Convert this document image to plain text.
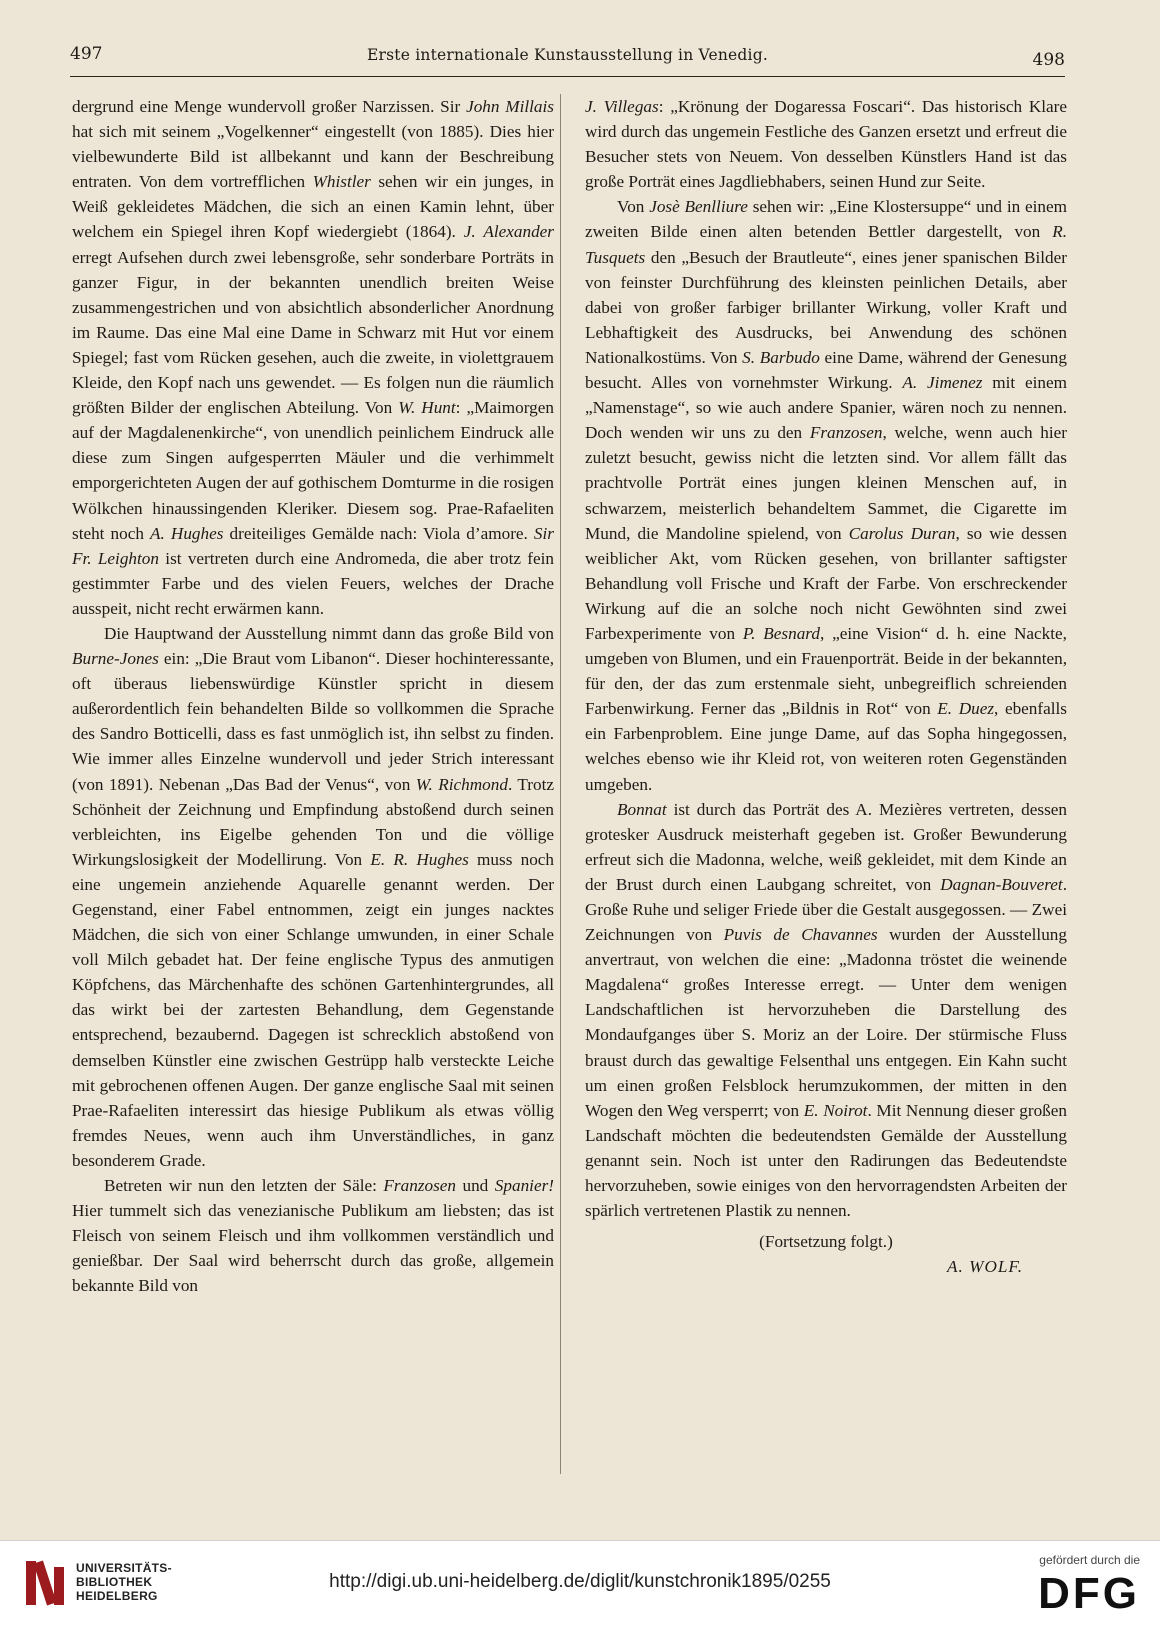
497	Erste internationale Kunstausstellung in Venedig.	498

dergrund eine Menge wundervoll großer Narzissen. Sir John Millais hat sich mit seinem „Vogelkenner“ eingestellt (von 1885). Dies hier vielbewunderte Bild ist allbekannt und kann der Beschreibung entraten. Von dem vortrefflichen Whistler sehen wir ein junges, in Weiß gekleidetes Mädchen, die sich an einen Kamin lehnt, über welchem ein Spiegel ihren Kopf wiedergiebt (1864). J. Alexander erregt Aufsehen durch zwei lebensgroße, sehr sonderbare Porträts in ganzer Figur, in der bekannten unendlich breiten Weise zusammengestrichen und von absichtlich absonderlicher Anordnung im Raume. Das eine Mal eine Dame in Schwarz mit Hut vor einem Spiegel; fast vom Rücken gesehen, auch die zweite, in violettgrauem Kleide, den Kopf nach uns gewendet. — Es folgen nun die räumlich größten Bilder der englischen Abteilung. Von W. Hunt: „Maimorgen auf der Magdalenenkirche“, von unendlich peinlichem Eindruck alle diese zum Singen aufgesperrten Mäuler und die verhimmelt emporgerichteten Augen der auf gothischem Domturme in die rosigen Wölkchen hinaussingenden Kleriker. Diesem sog. Prae-Rafaeliten steht noch A. Hughes dreiteiliges Gemälde nach: Viola d’amore. Sir Fr. Leighton ist vertreten durch eine Andromeda, die aber trotz fein gestimmter Farbe und des vielen Feuers, welches der Drache ausspeit, nicht recht erwärmen kann.

Die Hauptwand der Ausstellung nimmt dann das große Bild von Burne-Jones ein: „Die Braut vom Libanon“. Dieser hochinteressante, oft überaus liebenswürdige Künstler spricht in diesem außerordentlich fein behandelten Bilde so vollkommen die Sprache des Sandro Botticelli, dass es fast unmöglich ist, ihn selbst zu finden. Wie immer alles Einzelne wundervoll und jeder Strich interessant (von 1891). Nebenan „Das Bad der Venus“, von W. Richmond. Trotz Schönheit der Zeichnung und Empfindung abstoßend durch seinen verbleichten, ins Eigelbe gehenden Ton und die völlige Wirkungslosigkeit der Modellirung. Von E. R. Hughes muss noch eine ungemein anziehende Aquarelle genannt werden. Der Gegenstand, einer Fabel entnommen, zeigt ein junges nacktes Mädchen, die sich von einer Schlange umwunden, in einer Schale voll Milch gebadet hat. Der feine englische Typus des anmutigen Köpfchens, das Märchenhafte des schönen Gartenhintergrundes, all das wirkt bei der zartesten Behandlung, dem Gegenstande entsprechend, bezaubernd. Dagegen ist schrecklich abstoßend von demselben Künstler eine zwischen Gestrüpp halb versteckte Leiche mit gebrochenen offenen Augen. Der ganze englische Saal mit seinen Prae-Rafaeliten interessirt das hiesige Publikum als etwas völlig fremdes Neues, wenn auch ihm Unverständliches, in ganz besonderem Grade.

Betreten wir nun den letzten der Säle: Franzosen und Spanier! Hier tummelt sich das venezianische Publikum am liebsten; das ist Fleisch von seinem Fleisch und ihm vollkommen verständlich und genießbar. Der Saal wird beherrscht durch das große, allgemein bekannte Bild von

J. Villegas: „Krönung der Dogaressa Foscari“. Das historisch Klare wird durch das ungemein Festliche des Ganzen ersetzt und erfreut die Besucher stets von Neuem. Von desselben Künstlers Hand ist das große Porträt eines Jagdliebhabers, seinen Hund zur Seite.

Von Josè Benlliure sehen wir: „Eine Klostersuppe“ und in einem zweiten Bilde einen alten betenden Bettler dargestellt, von R. Tusquets den „Besuch der Brautleute“, eines jener spanischen Bilder von feinster Durchführung des kleinsten peinlichen Details, aber dabei von großer farbiger brillanter Wirkung, voller Kraft und Lebhaftigkeit des Ausdrucks, bei Anwendung des schönen Nationalkostüms. Von S. Barbudo eine Dame, während der Genesung besucht. Alles von vornehmster Wirkung. A. Jimenez mit einem „Namenstage“, so wie auch andere Spanier, wären noch zu nennen. Doch wenden wir uns zu den Franzosen, welche, wenn auch hier zuletzt besucht, gewiss nicht die letzten sind. Vor allem fällt das prachtvolle Porträt eines jungen kleinen Menschen auf, in schwarzem, meisterlich behandeltem Sammet, die Cigarette im Mund, die Mandoline spielend, von Carolus Duran, so wie dessen weiblicher Akt, vom Rücken gesehen, von brillanter saftigster Behandlung voll Frische und Kraft der Farbe. Von erschreckender Wirkung auf die an solche noch nicht Gewöhnten sind zwei Farbexperimente von P. Besnard, „eine Vision“ d. h. eine Nackte, umgeben von Blumen, und ein Frauenporträt. Beide in der bekannten, für den, der das zum erstenmale sieht, unbegreiflich schreienden Farbenwirkung. Ferner das „Bildnis in Rot“ von E. Duez, ebenfalls ein Farbenproblem. Eine junge Dame, auf das Sopha hingegossen, welches ebenso wie ihr Kleid rot, von weiteren roten Gegenständen umgeben.

Bonnat ist durch das Porträt des A. Mezières vertreten, dessen grotesker Ausdruck meisterhaft gegeben ist. Großer Bewunderung erfreut sich die Madonna, welche, weiß gekleidet, mit dem Kinde an der Brust durch einen Laubgang schreitet, von Dagnan-Bouveret. Große Ruhe und seliger Friede über die Gestalt ausgegossen. — Zwei Zeichnungen von Puvis de Chavannes wurden der Ausstellung anvertraut, von welchen die eine: „Madonna tröstet die weinende Magdalena“ großes Interesse erregt. — Unter dem wenigen Landschaftlichen ist hervorzuheben die Darstellung des Mondaufganges über S. Moriz an der Loire. Der stürmische Fluss braust durch das gewaltige Felsenthal uns entgegen. Ein Kahn sucht um einen großen Felsblock herumzukommen, der mitten in den Wogen den Weg versperrt; von E. Noirot. Mit Nennung dieser großen Landschaft möchten die bedeutendsten Gemälde der Ausstellung genannt sein. Noch ist unter den Radirungen das Bedeutendste hervorzuheben, sowie einiges von den hervorragendsten Arbeiten der spärlich vertretenen Plastik zu nennen.

(Fortsetzung folgt.)

A. WOLF.

UNIVERSITÄTS-
BIBLIOTHEK
HEIDELBERG
http://digi.ub.uni-heidelberg.de/diglit/kunstchronik1895/0255
gefördert durch die
DFG
